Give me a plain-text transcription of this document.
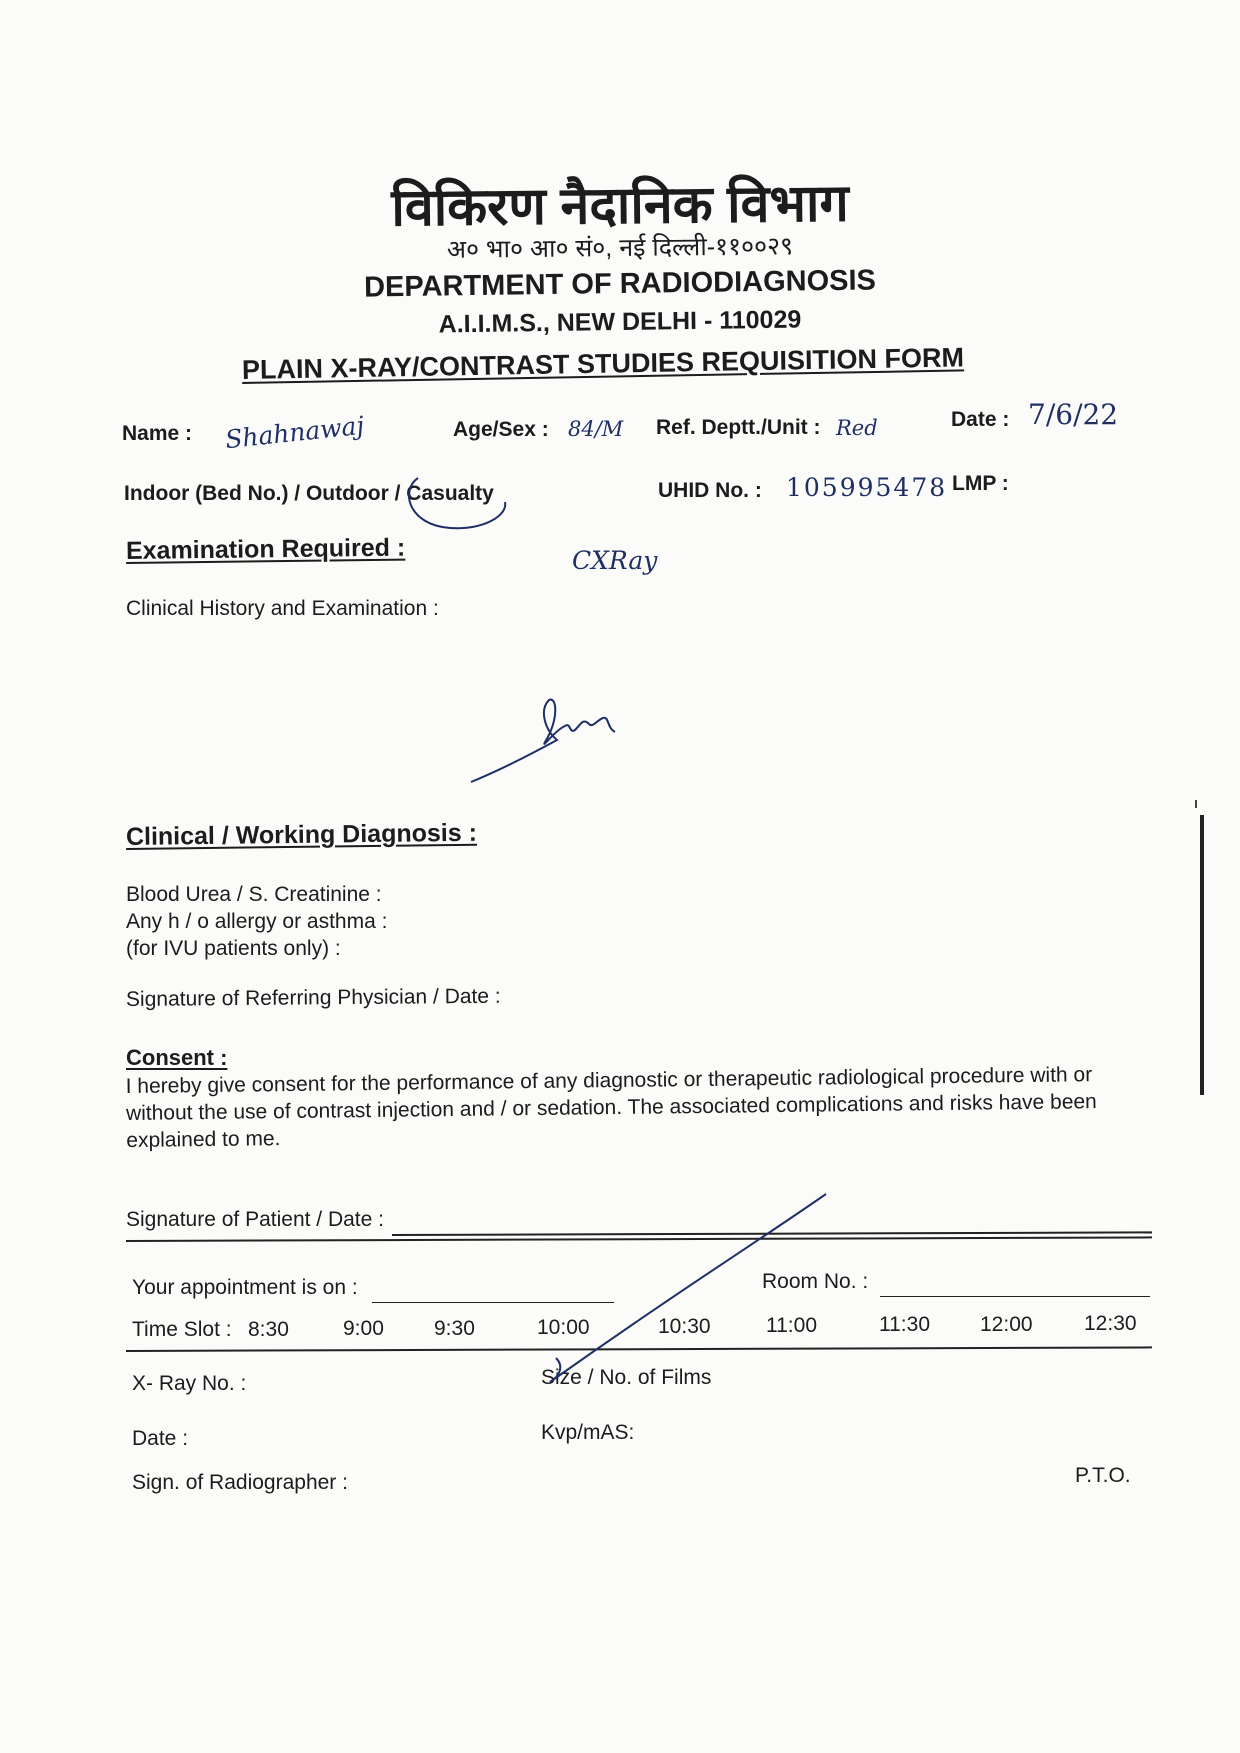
विकिरण नैदानिक विभाग
अ० भा० आ० सं०, नई दिल्ली-११००२९
DEPARTMENT OF RADIODIAGNOSIS
A.I.I.M.S., NEW DELHI - 110029
PLAIN X-RAY/CONTRAST STUDIES REQUISITION FORM
Name : Shahnawaj	Age/Sex : 84/M Ref. Deptt./Unit : Red	Date : 7/6/22
Indoor (Bed No.) / Outdoor / Casualty	UHID No. : 105995478 LMP :
Examination Required :	CXRay
Clinical History and Examination :
Clinical / Working Diagnosis :
Blood Urea / S. Creatinine :
Any h / o allergy or asthma :
(for IVU patients only) :
Signature of Referring Physician / Date :
Consent :
I hereby give consent for the performance of any diagnostic or therapeutic radiological procedure with or without the use of contrast injection and / or sedation. The associated complications and risks have been explained to me.
Signature of Patient / Date :
Your appointment is on :	Room No. :
Time Slot : 8:30	9:00 9:30	10:00	10:30	11:00	11:30 12:00 12:30
X- Ray No. :	Size / No. of Films
Date :	Kvp/mAS:
Sign. of Radiographer :	P.T.O.
